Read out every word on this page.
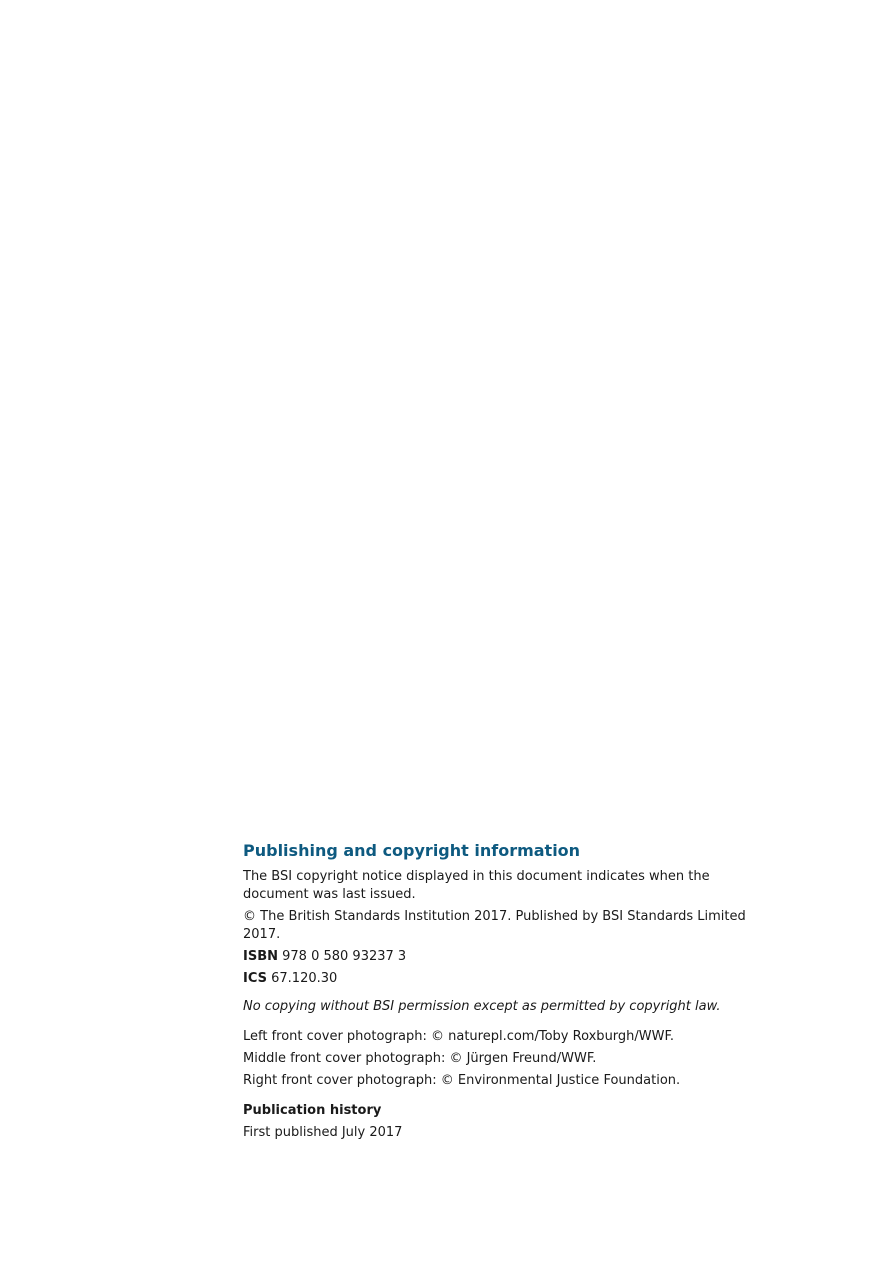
Publishing and copyright information
The BSI copyright notice displayed in this document indicates when the document was last issued.
© The British Standards Institution 2017. Published by BSI Standards Limited 2017.
ISBN 978 0 580 93237 3
ICS 67.120.30
No copying without BSI permission except as permitted by copyright law.
Left front cover photograph: © naturepl.com/Toby Roxburgh/WWF.
Middle front cover photograph: © Jürgen Freund/WWF.
Right front cover photograph: © Environmental Justice Foundation.
Publication history
First published July 2017
